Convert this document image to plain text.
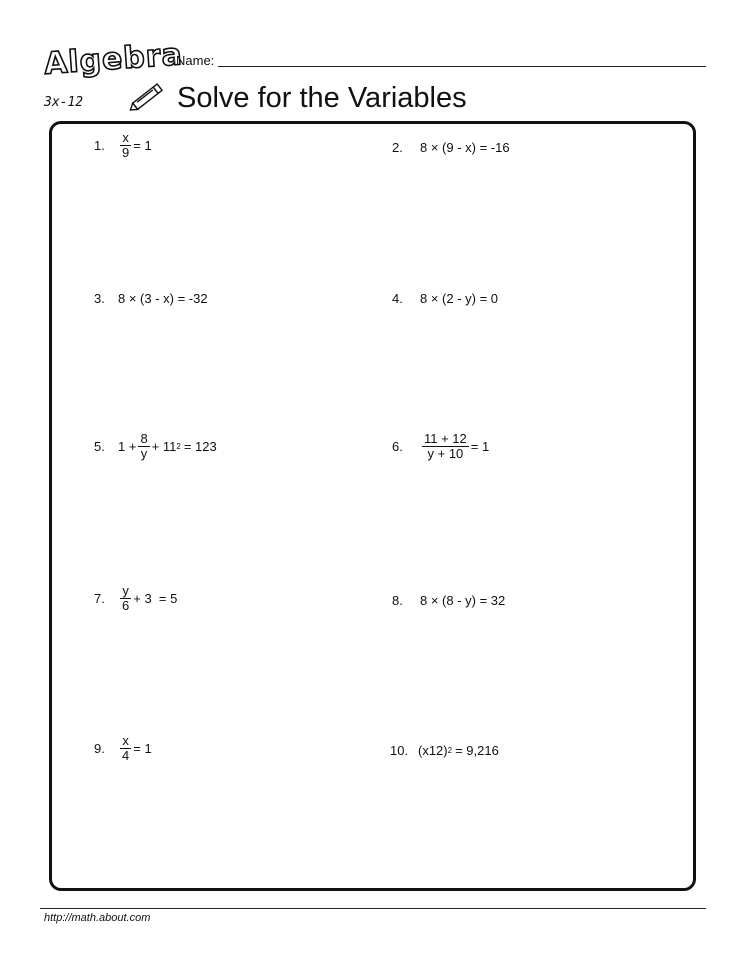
Algebra
3x-12
Name:
Solve for the Variables
1.	$\frac{x}{9} = 1$	2.	8 × (9 - x) = -16
3.	8 × (3 - x) = -32	4.	8 × (2 - y) = 0
5.	$1 + \frac{8}{y} + 11$ 2 = 123	6.	$\frac{11 + 12}{y + 10} = 1$
7.	$\frac{y}{6} + 3 = 5$	8.	8 × (8 - y) = 32
9.	$\frac{x}{4} = 1$	10. (x12) 2 = 9,216
http://math.about.com
